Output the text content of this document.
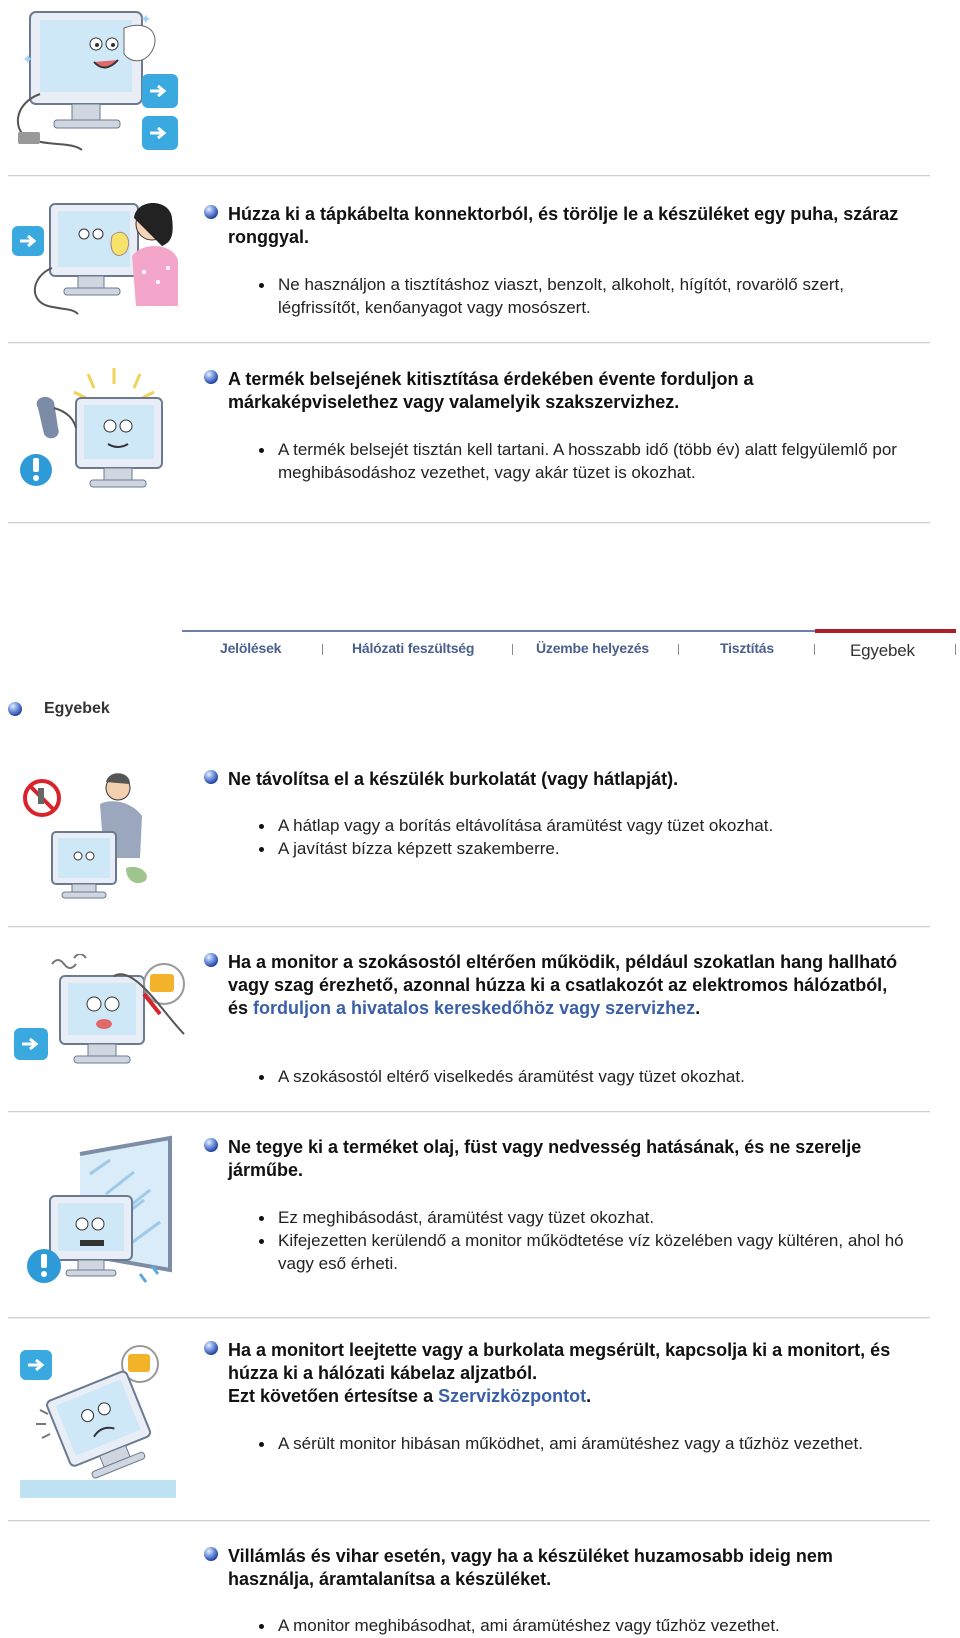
✦
✦
Húzza ki a tápkábelta konnektorból, és törölje le a készüléket egy puha, száraz ronggyal.
Ne használjon a tisztításhoz viaszt, benzolt, alkoholt, hígítót, rovarölő szert, légfrissítőt, kenőanyagot vagy mosószert.
A termék belsejének kitisztítása érdekében évente forduljon a márkaképviselethez vagy valamelyik szakszervizhez.
A termék belsejét tisztán kell tartani. A hosszabb idő (több év) alatt felgyülemlő por meghibásodáshoz vezethet, vagy akár tüzet is okozhat.
Jelölések	Hálózati feszültség	Üzembe helyezés	Tisztítás	Egyebek
Egyebek
Ne távolítsa el a készülék burkolatát (vagy hátlapját).
A hátlap vagy a borítás eltávolítása áramütést vagy tüzet okozhat.
A javítást bízza képzett szakemberre.
Ha a monitor a szokásostól eltérően működik, például szokatlan hang hallható vagy szag érezhető, azonnal húzza ki a csatlakozót az elektromos hálózatból, és forduljon a hivatalos kereskedőhöz vagy szervizhez.
A szokásostól eltérő viselkedés áramütést vagy tüzet okozhat.
Ne tegye ki a terméket olaj, füst vagy nedvesség hatásának, és ne szerelje járműbe.
Ez meghibásodást, áramütést vagy tüzet okozhat.
Kifejezetten kerülendő a monitor működtetése víz közelében vagy kültéren, ahol hó vagy eső érheti.
Ha a monitort leejtette vagy a burkolata megsérült, kapcsolja ki a monitort, és húzza ki a hálózati kábelaz aljzatból.
Ezt követően értesítse a Szervizközpontot.
A sérült monitor hibásan működhet, ami áramütéshez vagy a tűzhöz vezethet.
Villámlás és vihar esetén, vagy ha a készüléket huzamosabb ideig nem használja, áramtalanítsa a készüléket.
A monitor meghibásodhat, ami áramütéshez vagy tűzhöz vezethet.
